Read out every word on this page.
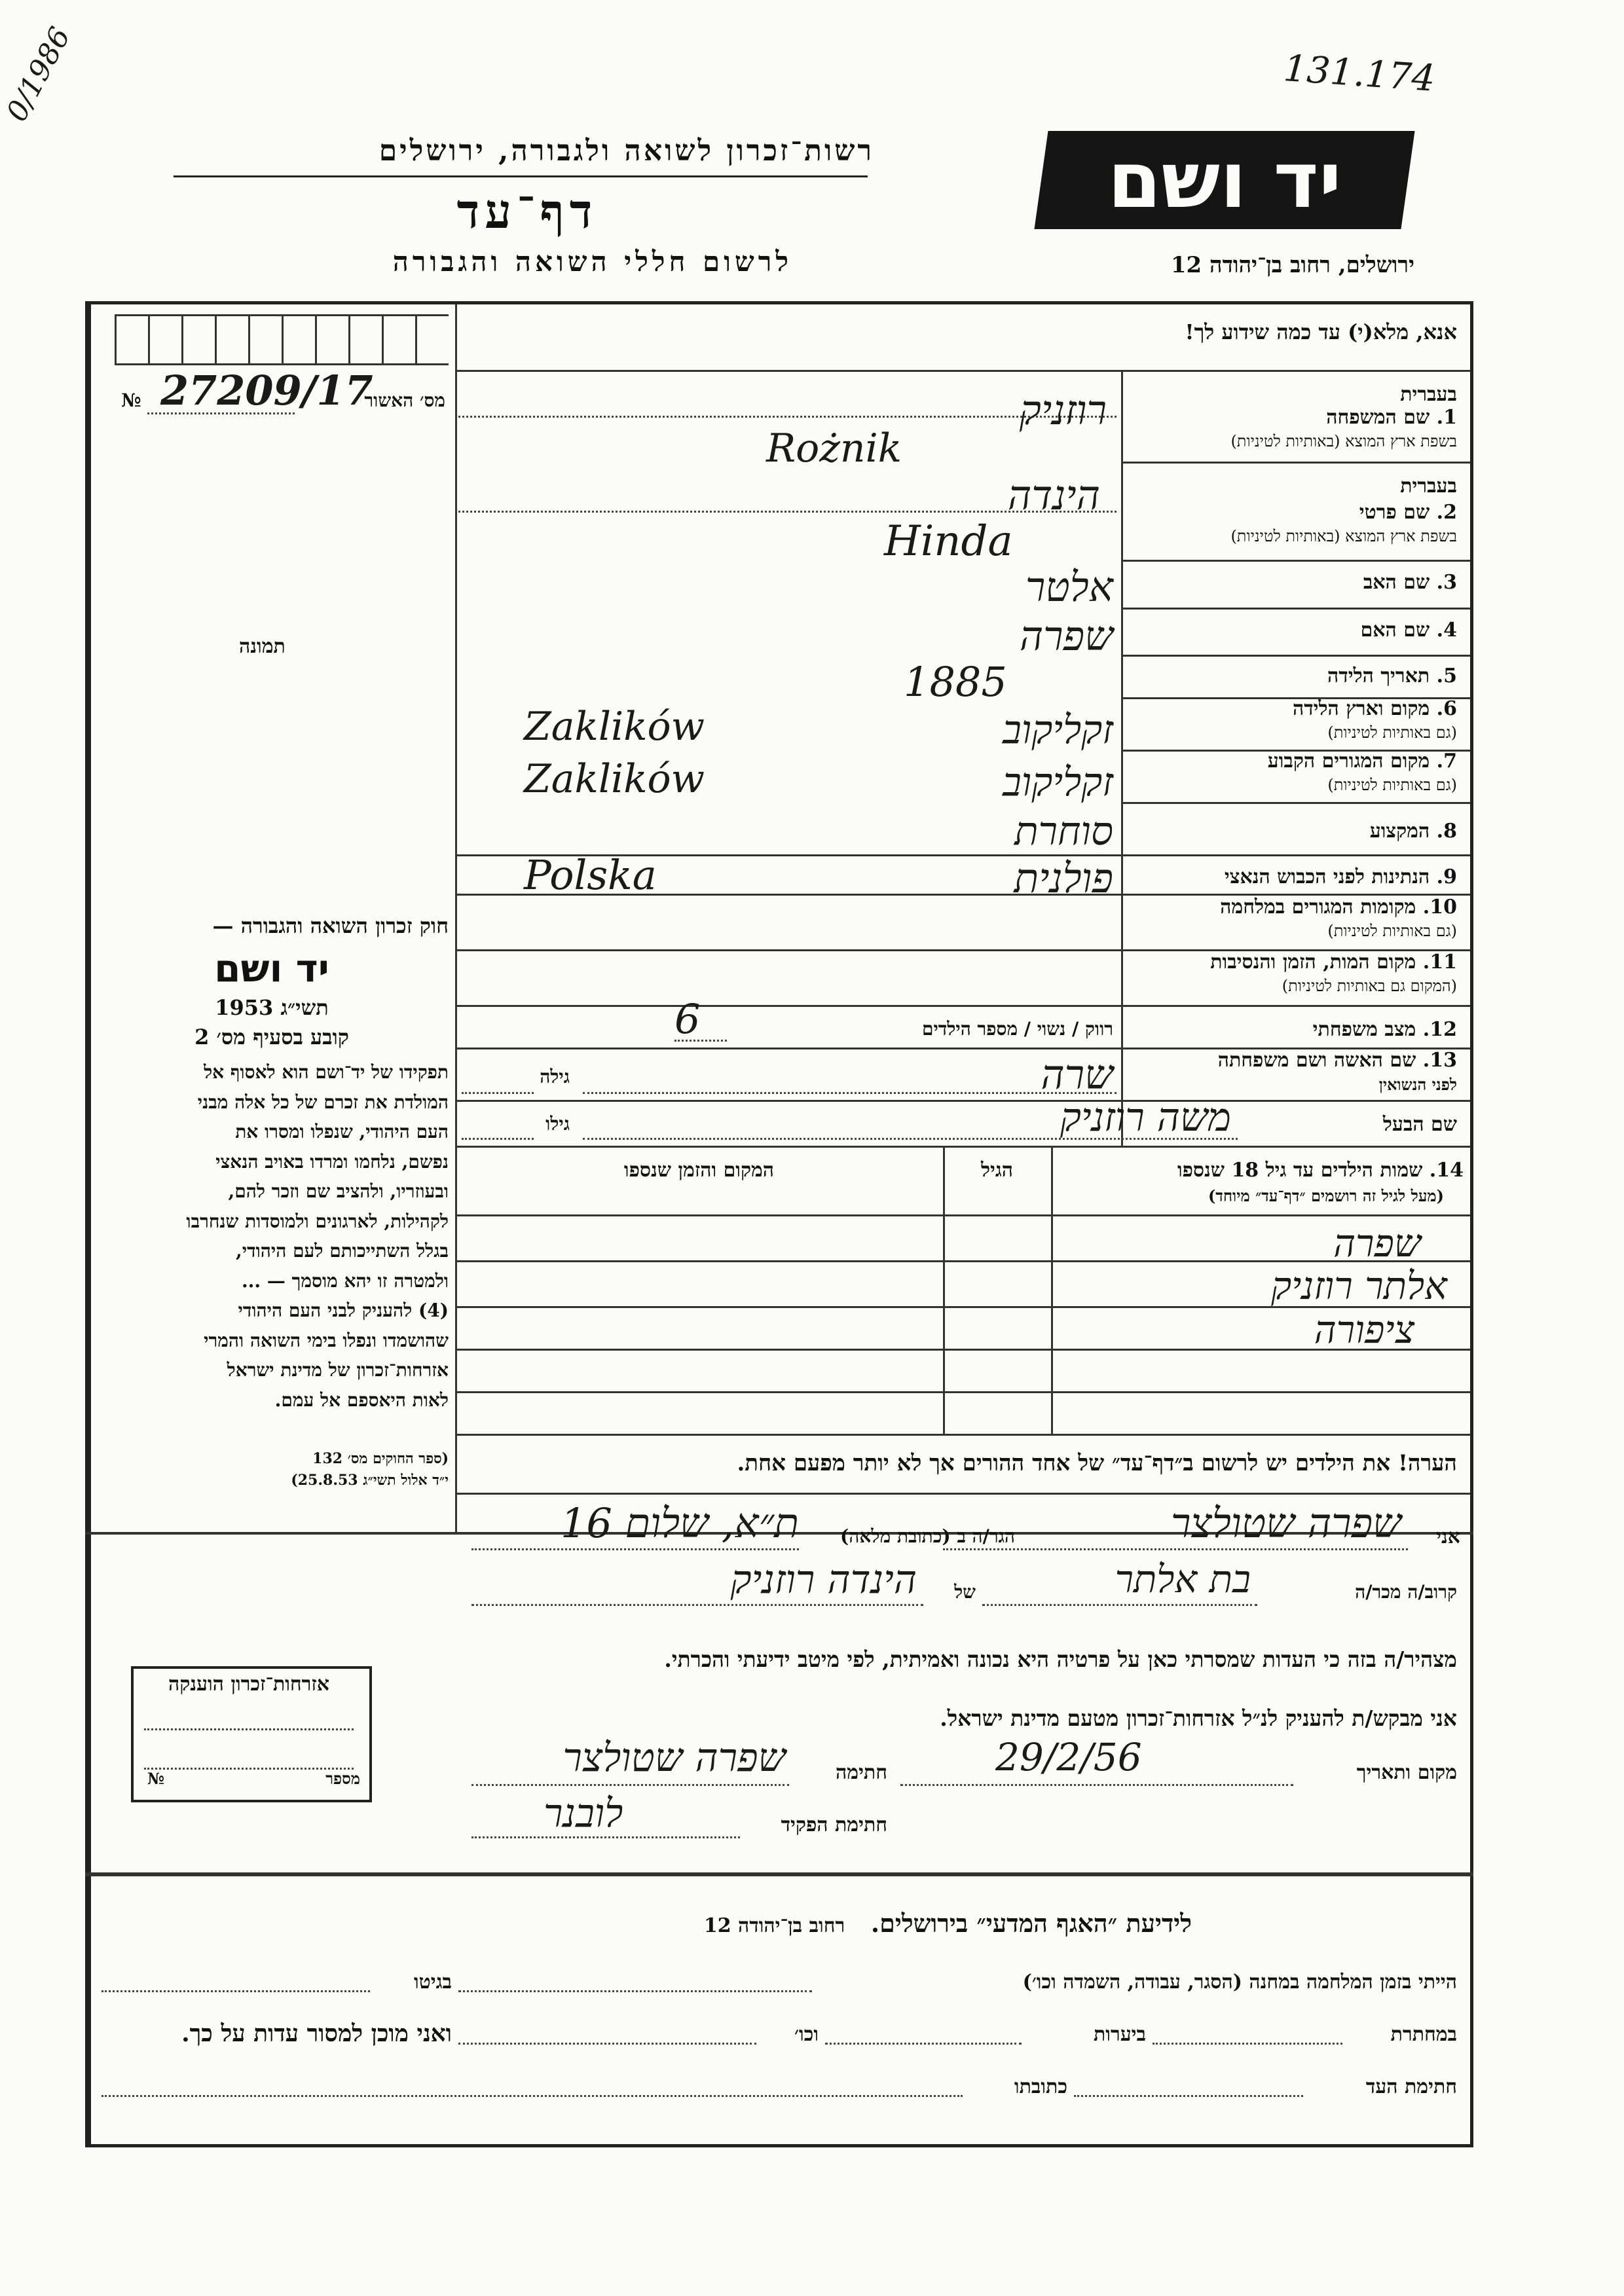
131.174
0/1986
רשות־זכרון לשואה ולגבורה, ירושלים
דף־עד
לרשום חללי השואה והגבורה
יד ושם
ירושלים, רחוב בן־יהודה 12
אנא, מלא(י) עד כמה שידוע לך!
מס׳ האשור
№ 27209/17
תמונה
בעברית
1. שם המשפחה
בשפת ארץ המוצא (באותיות לטיניות)
בעברית
2. שם פרטי
בשפת ארץ המוצא (באותיות לטיניות)
3. שם האב
4. שם האם
5. תאריך הלידה
6. מקום וארץ הלידה
(גם באותיות לטיניות)
7. מקום המגורים הקבוע
(גם באותיות לטיניות)
8. המקצוע
9. הנתינות לפני הכבוש הנאצי
10. מקומות המגורים במלחמה
(גם באותיות לטיניות)
11. מקום המות, הזמן והנסיבות
(המקום גם באותיות לטיניות)
12. מצב משפחתי
רווק / נשוי / מספר הילדים
6
13. שם האשה ושם משפחתה
לפני הנשואין
גילה	שרה
שם הבעל
גילו	משה רוזניק
רוזניק
Rożnik
הינדה
Hinda
אלטר
שפרה
1885
זקליקוב
Zaklików
זקליקוב
Zaklików
סוחרת
פולנית
Polska
14. שמות הילדים עד גיל 18 שנספו
(מעל לגיל זה רושמים ״דף־עד״ מיוחד)
הגיל
המקום והזמן שנספו
שפרה
אלתר רוזניק
ציפורה
הערה! את הילדים יש לרשום ב״דף־עד״ של אחד ההורים אך לא יותר מפעם אחת.
חוק זכרון השואה והגבורה —
יד ושם
תשי״ג 1953
קובע בסעיף מס׳ 2
תפקידו של יד־ושם הוא לאסוף אל
המולדת את זכרם של כל אלה מבני
העם היהודי, שנפלו ומסרו את
נפשם, נלחמו ומרדו באויב הנאצי
ובעוזריו, ולהציב שם וזכר להם,
לקהילות, לארגונים ולמוסדות שנחרבו
בגלל השתייכותם לעם היהודי,
ולמטרה זו יהא מוסמך — ...
(4) להעניק לבני העם היהודי
שהושמדו ונפלו בימי השואה והמרי
אזרחות־זכרון של מדינת ישראל
לאות היאספם אל עמם.
(ספר החוקים מס׳ 132
י״ד אלול תשי״ג 25.8.53)
אני
שפרה שטולצר
הגר/ה ב (כתובת מלאה)
ת״א, שלום 16
קרוב/ה מכר/ה
בת אלתר
של
הינדה רוזניק
מצהיר/ה בזה כי העדות שמסרתי כאן על פרטיה היא נכונה ואמיתית, לפי מיטב ידיעתי והכרתי.
אני מבקש/ת להעניק לנ״ל אזרחות־זכרון מטעם מדינת ישראל.
מקום ותאריך
29/2/56
חתימה
שפרה שטולצר
חתימת הפקיד
לובנר
אזרחות־זכרון הוענקה
מספר
№
לידיעת ״האגף המדעי״ בירושלים.   רחוב בן־יהודה 12
הייתי בזמן המלחמה במחנה (הסגר, עבודה, השמדה וכו׳)
בגיטו
במחתרת
ביערות
וכו׳
ואני מוכן למסור עדות על כך.
חתימת העד
כתובתו
